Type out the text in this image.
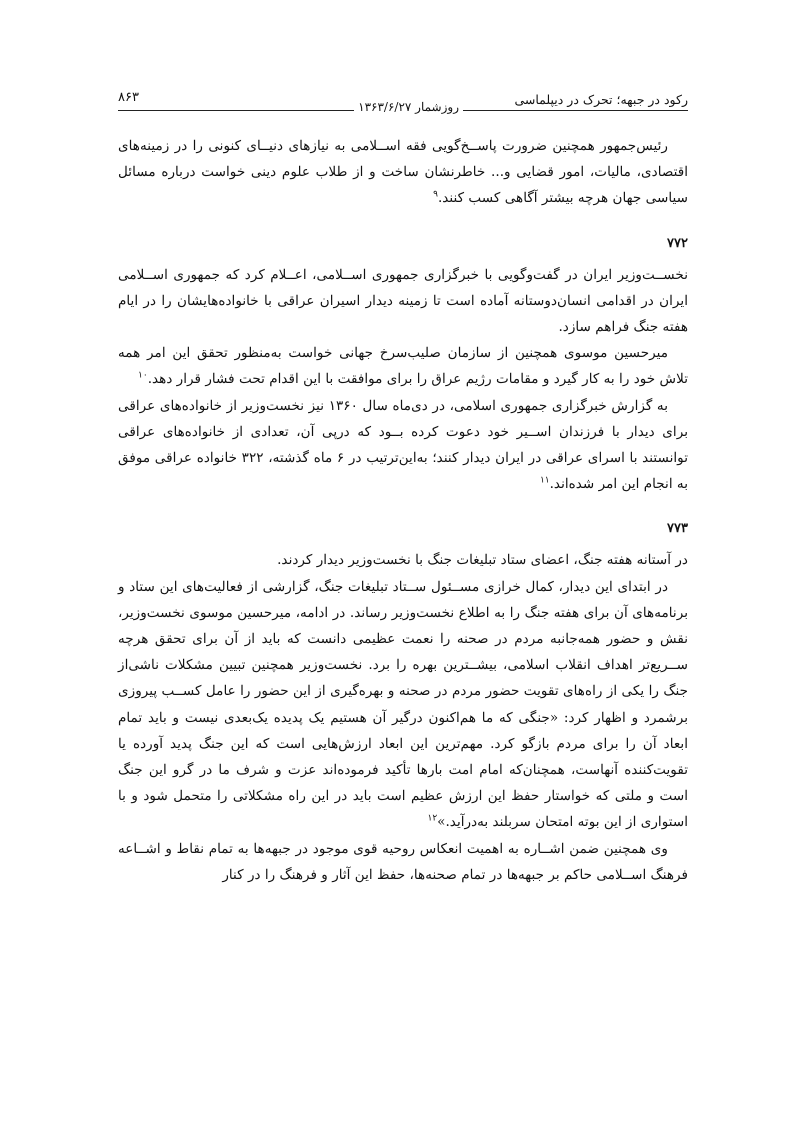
رکود در جبهه؛ تحرک در دیپلماسی
روزشمار ۱۳۶۳/۶/۲۷
۸۶۳

رئیس‌جمهور همچنین ضرورت پاســخ‌گویی فقه اســلامی به نیازهای دنیــای کنونی را در زمینه‌های اقتصادی، مالیات، امور قضایی و... خاطرنشان ساخت و از طلاب علوم دینی خواست درباره مسائل سیاسی جهان هرچه بیشتر آگاهی کسب کنند.$^۹$

۷۷۲

نخســت‌وزیر ایران در گفت‌وگویی با خبرگزاری جمهوری اســلامی، اعــلام کرد که جمهوری اســلامی ایران در اقدامی انسان‌دوستانه آماده است تا زمینه دیدار اسیران عراقی با خانواده‌هایشان را در ایام هفته جنگ فراهم سازد.

میرحسین موسوی همچنین از سازمان صلیب‌سرخ جهانی خواست به‌منظور تحقق این امر همه تلاش خود را به کار گیرد و مقامات رژیم عراق را برای موافقت با این اقدام تحت فشار قرار دهد.$^{۱۰}$

به گزارش خبرگزاری جمهوری اسلامی، در دی‌ماه سال ۱۳۶۰ نیز نخست‌وزیر از خانواده‌های عراقی برای دیدار با فرزندان اســیر خود دعوت کرده بــود که درپی آن، تعدادی از خانواده‌های عراقی توانستند با اسرای عراقی در ایران دیدار کنند؛ به‌این‌ترتیب در ۶ ماه گذشته، ۳۲۲ خانواده عراقی موفق به انجام این امر شده‌اند.$^{۱۱}$

۷۷۳

در آستانه هفته جنگ، اعضای ستاد تبلیغات جنگ با نخست‌وزیر دیدار کردند.

در ابتدای این دیدار، کمال خرازی مســئول ســتاد تبلیغات جنگ، گزارشی از فعالیت‌های این ستاد و برنامه‌های آن برای هفته جنگ را به اطلاع نخست‌وزیر رساند. در ادامه، میرحسین موسوی نخست‌وزیر، نقش و حضور همه‌جانبه مردم در صحنه را نعمت عظیمی دانست که باید از آن برای تحقق هرچه ســریع‌تر اهداف انقلاب اسلامی، بیشــترین بهره را برد. نخست‌وزیر همچنین تبیین مشکلات ناشی‌از جنگ را یکی از راه‌های تقویت حضور مردم در صحنه و بهره‌گیری از این حضور را عامل کســب پیروزی برشمرد و اظهار کرد: «جنگی که ما هم‌اکنون درگیر آن هستیم یک پدیده یک‌بعدی نیست و باید تمام ابعاد آن را برای مردم بازگو کرد. مهم‌ترین این ابعاد ارزش‌هایی است که این جنگ پدید آورده یا تقویت‌کننده آنهاست، همچنان‌که امام امت بارها تأکید فرموده‌اند عزت و شرف ما در گرو این جنگ است و ملتی که خواستار حفظ این ارزش عظیم است باید در این راه مشکلاتی را متحمل شود و با استواری از این بوته امتحان سربلند به‌درآید.»$^{۱۲}$

وی همچنین ضمن اشــاره به اهمیت انعکاس روحیه قوی موجود در جبهه‌ها به تمام نقاط و اشــاعه فرهنگ اســلامی حاکم بر جبهه‌ها در تمام صحنه‌ها، حفظ این آثار و فرهنگ را در کنار
